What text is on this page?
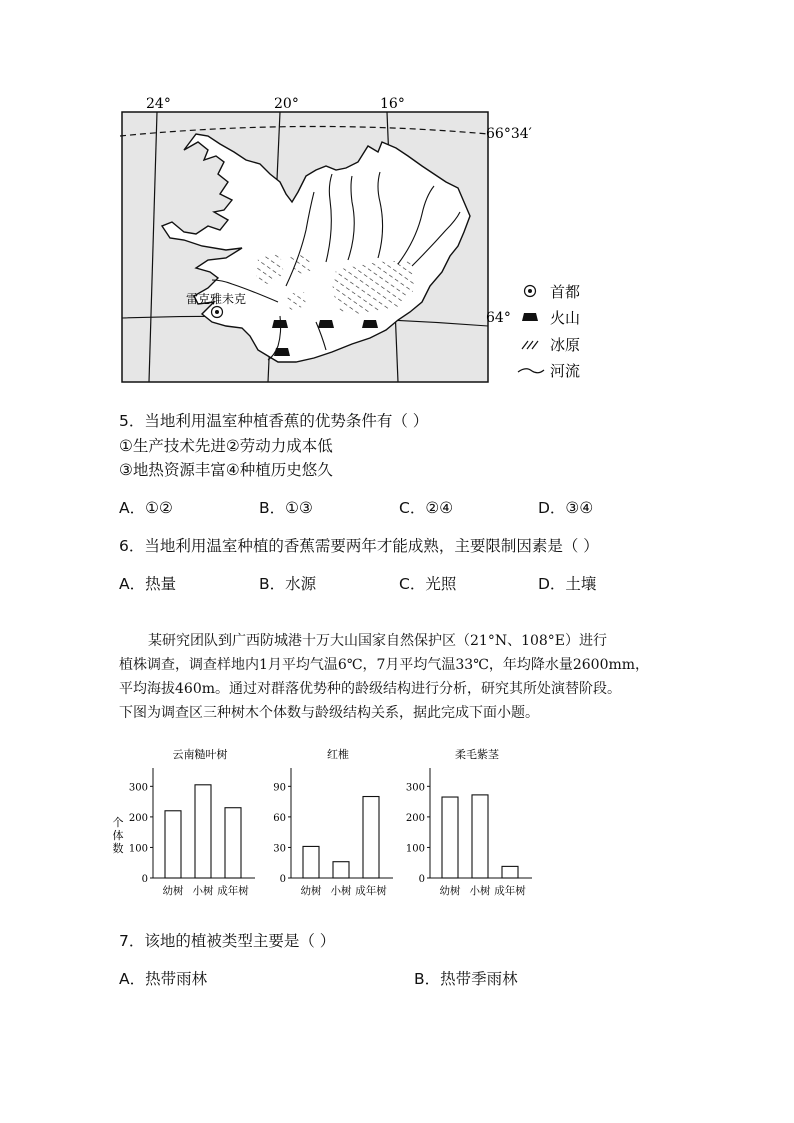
雷克雅未克
24°	20°	16°
66°34′
64°
首都
火山
冰原
河流
5．当地利用温室种植香蕉的优势条件有（ ）
①生产技术先进②劳动力成本低
③地热资源丰富④种植历史悠久
A．①②	B．①③	C．②④	D．③④
6．当地利用温室种植的香蕉需要两年才能成熟，主要限制因素是（ ）
A．热量	B．水源	C．光照	D．土壤
某研究团队到广西防城港十万大山国家自然保护区（21°N、108°E）进行
植株调查，调查样地内1月平均气温6℃，7月平均气温33℃，年均降水量2600mm，
平均海拔460m。通过对群落优势种的龄级结构进行分析，研究其所处演替阶段。
下图为调查区三种树木个体数与龄级结构关系，据此完成下面小题。
云南糙叶树
0
100
200
300
个
体
数
幼树 小树 成年树
红椎
0
30
60
90
幼树 小树 成年树
柔毛紫茎
0
100
200
300
幼树 小树 成年树
7．该地的植被类型主要是（ ）
A．热带雨林	B．热带季雨林
